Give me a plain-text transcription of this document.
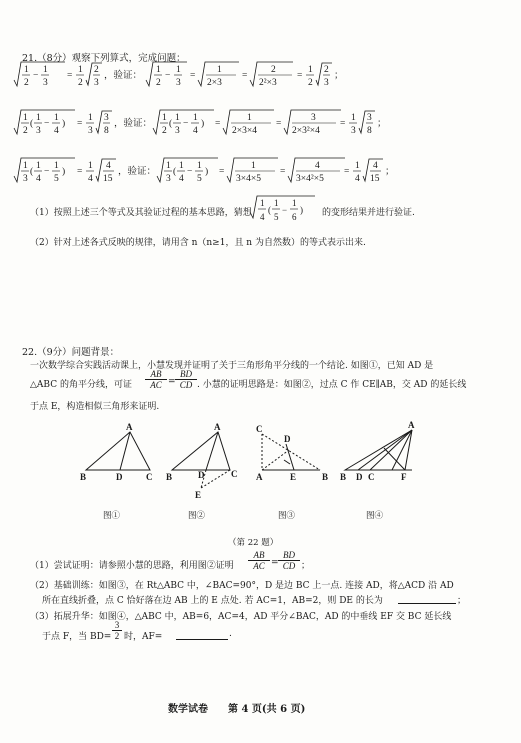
21.（8分）观察下列算式，完成问题：
1
2
−
1
3
=
1
2
2
3
，验证：
1
2
−
1
3
=
1
2×3
=
2
2²×3
=
1
2
2
3
；
1
2
(
1
3
−
1
4
) =
1
3
3
8
，验证：
1
2
(
1
3
−
1
4
) =
1
2×3×4
=
3
2×3²×4
=
1
3
3
8
；
1
3
(
1
4
−
1
5
) =
1
4
4
15
，验证：
1
3
(
1
4
−
1
5
) =
1
3×4×5
=
4
3×4²×5
=
1
4
4
15
；
（1）按照上述三个等式及其验证过程的基本思路，猜想
1
4
(
1
5
−
1
6
) 的变形结果并进行验证.
（2）针对上述各式反映的规律，请用含 n（n≥1，且 n 为自然数）的等式表示出来.
22.（9分）问题背景：
一次数学综合实践活动课上，小慧发现并证明了关于三角形角平分线的一个结论. 如图①，已知 AD 是
△ABC 的角平分线，可证
AB
AC =
BD
CD . 小慧的证明思路是：如图②，过点 C 作 CE∥AB，交 AD 的延长线
于点 E，构造相似三角形来证明.
A
B	D	C
A
B	D	C
E
C
D
A	E	B
A
B D C	F
图①	图②	图③	图④
（第 22 题）
（1）尝试证明：请参照小慧的思路，利用图②证明
AB
AC =
BD
CD ；
（2）基础训练：如图③，在 Rt△ABC 中，∠BAC=90°，D 是边 BC 上一点. 连接 AD，将△ACD 沿 AD
所在直线折叠，点 C 恰好落在边 AB 上的 E 点处. 若 AC=1，AB=2，则 DE 的长为	；
（3）拓展升华：如图④，△ABC 中，AB=6，AC=4，AD 平分∠BAC，AD 的中垂线 EF 交 BC 延长线
于点 F，当 BD=
3
2 时，AF=	.
数学试卷　　第 4 页(共 6 页)
